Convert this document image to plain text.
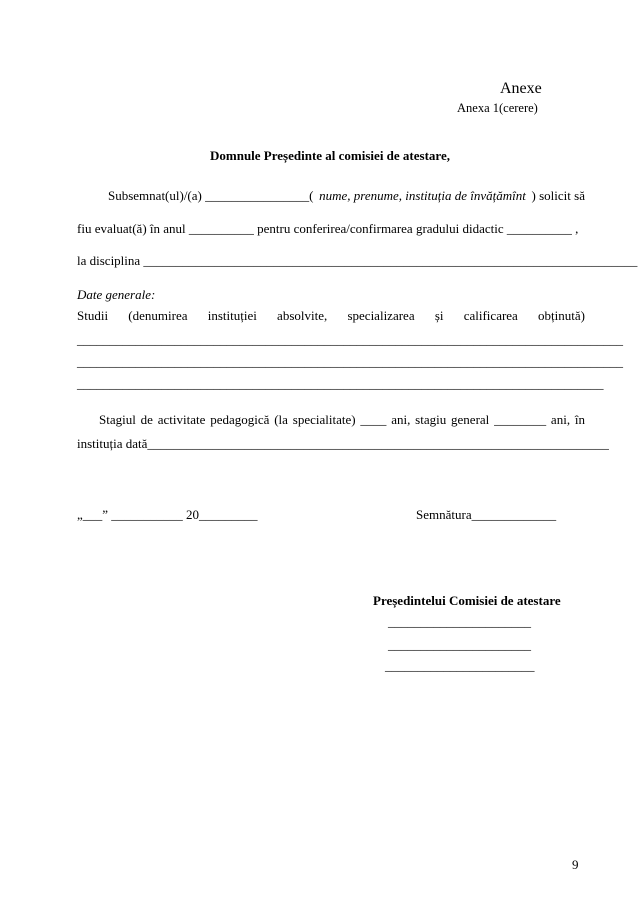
Anexe
Anexa 1(cerere)
Domnule Președinte al comisiei de atestare,
Subsemnat(ul)/(a) ________________( nume, prenume, instituția de învățămînt ) solicit să
fiu evaluat(ă) în anul __________ pentru conferirea/confirmarea gradului didactic __________ ,
la disciplina ____________________________________________________________________________
Date generale:
Studii (denumirea instituției absolvite, specializarea și calificarea obținută)
____________________________________________________________________________________
____________________________________________________________________________________
_________________________________________________________________________________
Stagiul de activitate pedagogică (la specialitate) ____ ani, stagiu general ________ ani, în
instituția dată_______________________________________________________________________
„___” ___________ 20_________	Semnătura_____________
Președintelui Comisiei de atestare
______________________
______________________
_______________________
9
